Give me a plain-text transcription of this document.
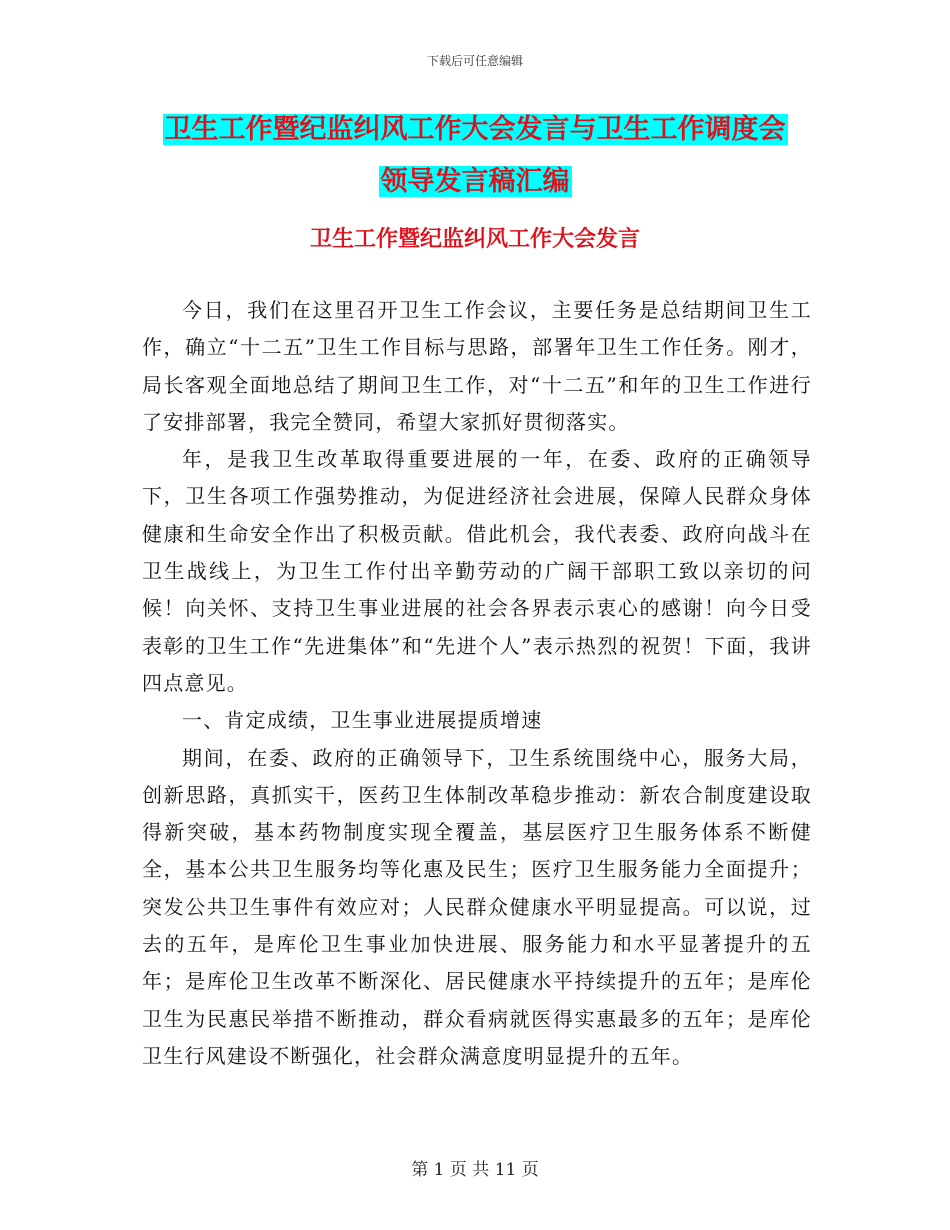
下载后可任意编辑
卫生工作暨纪监纠风工作大会发言与卫生工作调度会
领导发言稿汇编
卫生工作暨纪监纠风工作大会发言

今日，我们在这里召开卫生工作会议，主要任务是总结期间卫生工作，确立“十二五”卫生工作目标与思路，部署年卫生工作任务。刚才， 局长客观全面地总结了期间卫生工作，对“十二五”和年的卫生工作进行了安排部署，我完全赞同，希望大家抓好贯彻落实。

年，是我卫生改革取得重要进展的一年，在委、政府的正确领导下，卫生各项工作强势推动，为促进经济社会进展，保障人民群众身体健康和生命安全作出了积极贡献。借此机会，我代表委、政府向战斗在卫生战线上，为卫生工作付出辛勤劳动的广阔干部职工致以亲切的问候！向关怀、支持卫生事业进展的社会各界表示衷心的感谢！向今日受表彰的卫生工作“先进集体”和“先进个人”表示热烈的祝贺！下面，我讲四点意见。

一、肯定成绩，卫生事业进展提质增速

期间，在委、政府的正确领导下，卫生系统围绕中心，服务大局，创新思路，真抓实干，医药卫生体制改革稳步推动：新农合制度建设取得新突破，基本药物制度实现全覆盖，基层医疗卫生服务体系不断健全，基本公共卫生服务均等化惠及民生；医疗卫生服务能力全面提升；突发公共卫生事件有效应对；人民群众健康水平明显提高。可以说，过去的五年，是库伦卫生事业加快进展、服务能力和水平显著提升的五年；是库伦卫生改革不断深化、居民健康水平持续提升的五年；是库伦卫生为民惠民举措不断推动，群众看病就医得实惠最多的五年；是库伦卫生行风建设不断强化，社会群众满意度明显提升的五年。

第 1 页 共 11 页
